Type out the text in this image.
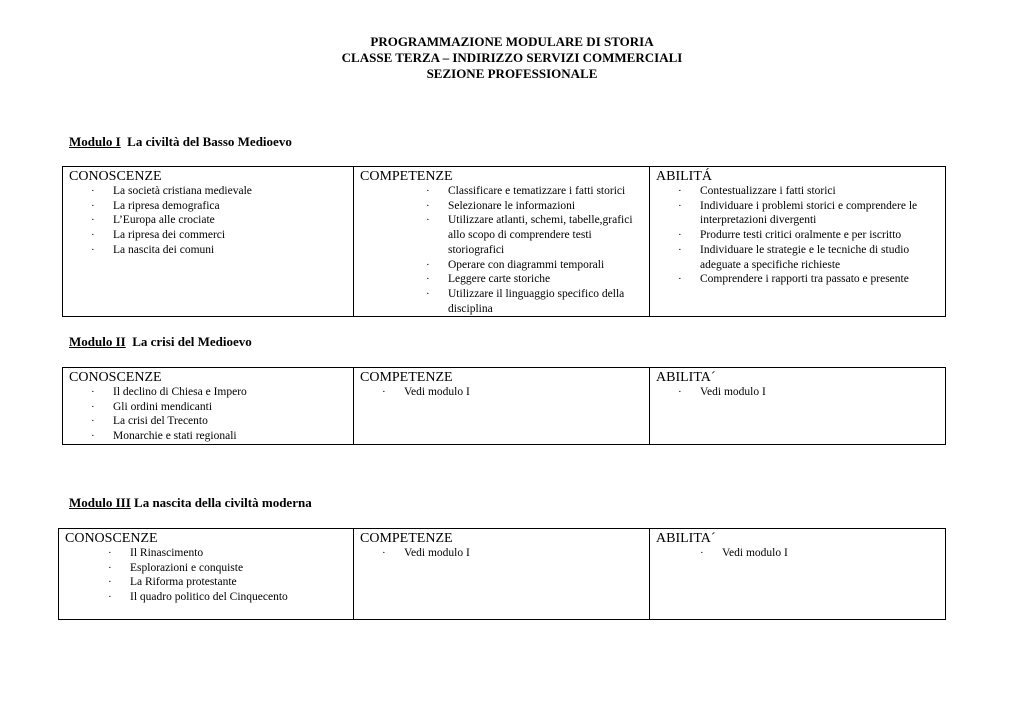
PROGRAMMAZIONE MODULARE DI STORIA
CLASSE TERZA – INDIRIZZO SERVIZI COMMERCIALI
SEZIONE PROFESSIONALE
Modulo I La civiltà del Basso Medioevo
CONOSCENZE
· La società cristiana medievale
· La ripresa demografica
· L’Europa alle crociate
· La ripresa dei commerci
· La nascita dei comuni

COMPETENZE
· Classificare e tematizzare i fatti storici
· Selezionare le informazioni
· Utilizzare atlanti, schemi, tabelle,grafici allo scopo di comprendere testi storiografici
· Operare con diagrammi temporali
· Leggere carte storiche
· Utilizzare il linguaggio specifico della disciplina

ABILITÁ
· Contestualizzare i fatti storici
· Individuare i problemi storici e comprendere le interpretazioni divergenti
· Produrre testi critici oralmente e per iscritto
· Individuare le strategie e le tecniche di studio adeguate a specifiche richieste
· Comprendere i rapporti tra passato e presente
Modulo II La crisi del Medioevo
CONOSCENZE
· Il declino di Chiesa e Impero
· Gli ordini mendicanti
· La crisi del Trecento
· Monarchie e stati regionali

COMPETENZE
· Vedi modulo I

ABILITA´
· Vedi modulo I
Modulo III La nascita della civiltà moderna
CONOSCENZE
· Il Rinascimento
· Esplorazioni e conquiste
· La Riforma protestante
· Il quadro politico del Cinquecento

COMPETENZE
· Vedi modulo I

ABILITA´
· Vedi modulo I
